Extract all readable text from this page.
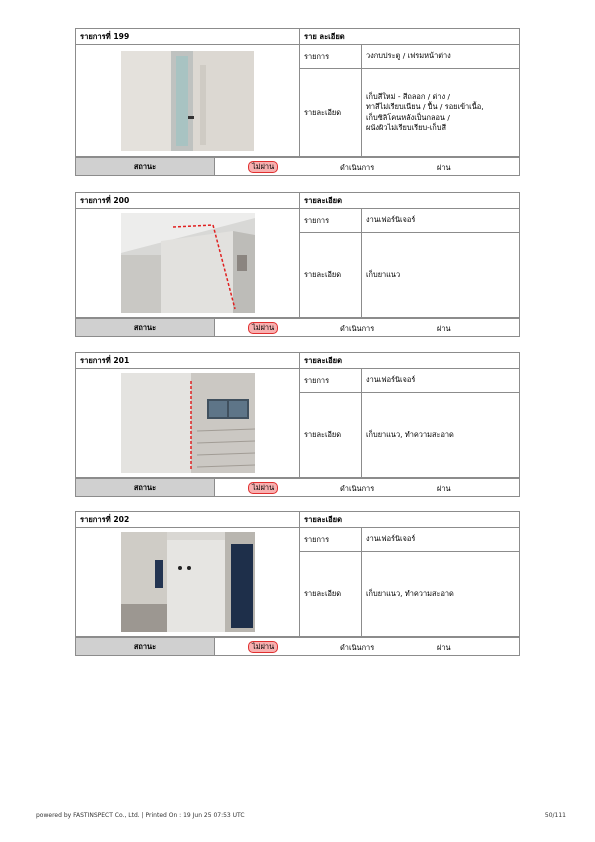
รายการที่ 199	ราย ละเอียด	

	รายการ	วงกบประตู / เฟรมหน้าต่าง
	รายละเอียด	เก็บสีใหม่ - สีถลอก / ด่าง /
ทาสีไม่เรียบเนียน / ปื้น / รอยเข้าเนื้อ,
เก็บซิลิโคนหลังเป็นกลอน /
ผนังผิวไม่เรียบเรียบ-เก็บสี
สถานะ	ไม่ผ่าน	ดำเนินการ	ผ่าน
รายการที่ 200	รายละเอียด	

	รายการ	งานเฟอร์นิเจอร์
	รายละเอียด	เก็บยาแนว
สถานะ	ไม่ผ่าน	ดำเนินการ	ผ่าน
รายการที่ 201	รายละเอียด	

	รายการ	งานเฟอร์นิเจอร์
	รายละเอียด	เก็บยาแนว, ทำความสะอาด
สถานะ	ไม่ผ่าน	ดำเนินการ	ผ่าน
รายการที่ 202	รายละเอียด	

	รายการ	งานเฟอร์นิเจอร์
	รายละเอียด	เก็บยาแนว, ทำความสะอาด
สถานะ	ไม่ผ่าน	ดำเนินการ	ผ่าน
powered by FASTINSPECT Co., Ltd. | Printed On : 19 Jun 25 07:53 UTC	50/111
